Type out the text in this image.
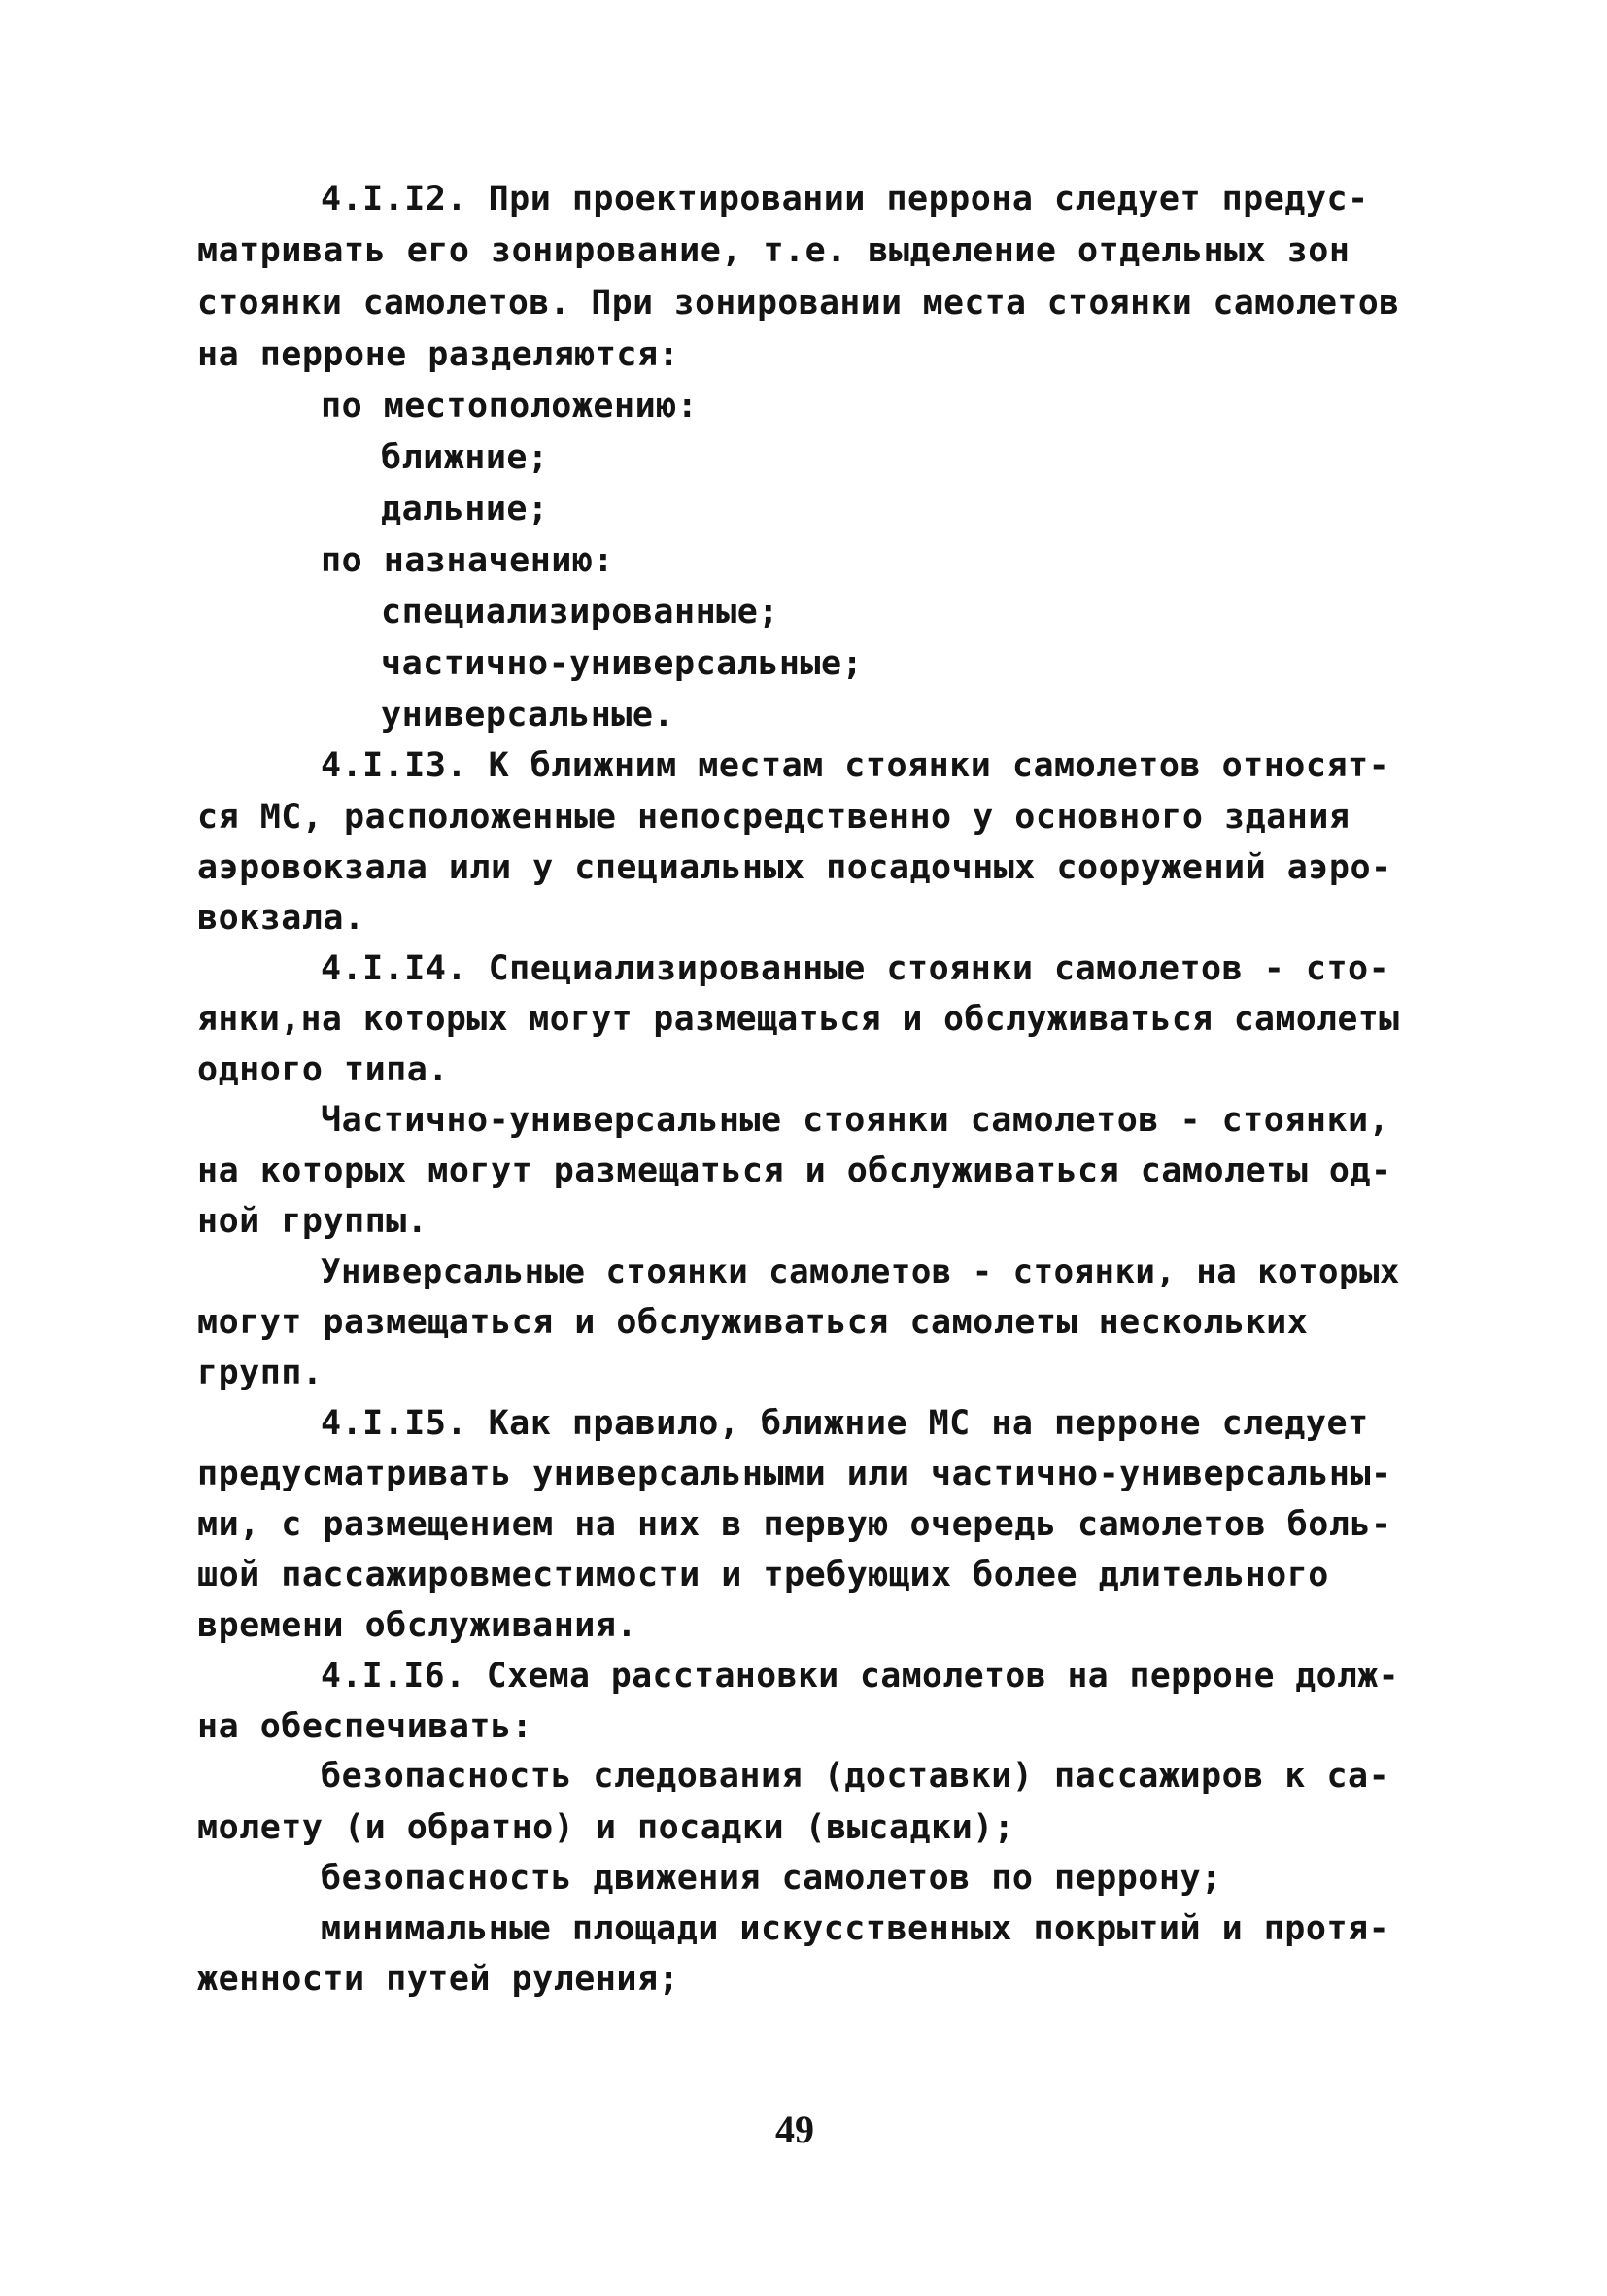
4.I.I2. При проектировании перрона следует предус-
матривать его зонирование, т.е. выделение отдельных зон
стоянки самолетов. При зонировании места стоянки самолетов
на перроне разделяются:
по местоположению:
ближние;
дальние;
по назначению:
специализированные;
частично-универсальные;
универсальные.
4.I.I3. К ближним местам стоянки самолетов относят-
ся МС, расположенные непосредственно у основного здания
аэровокзала или у специальных посадочных сооружений аэро-
вокзала.
4.I.I4. Специализированные стоянки самолетов - сто-
янки,на которых могут размещаться и обслуживаться самолеты
одного типа.
Частично-универсальные стоянки самолетов - стоянки,
на которых могут размещаться и обслуживаться самолеты од-
ной группы.
Универсальные стоянки самолетов - стоянки, на которых
могут размещаться и обслуживаться самолеты нескольких
групп.
4.I.I5. Как правило, ближние МС на перроне следует
предусматривать универсальными или частично-универсальны-
ми, с размещением на них в первую очередь самолетов боль-
шой пассажировместимости и требующих более длительного
времени обслуживания.
4.I.I6. Схема расстановки самолетов на перроне долж-
на обеспечивать:
безопасность следования (доставки) пассажиров к са-
молету (и обратно) и посадки (высадки);
безопасность движения самолетов по перрону;
минимальные площади искусственных покрытий и протя-
женности путей руления;
49
